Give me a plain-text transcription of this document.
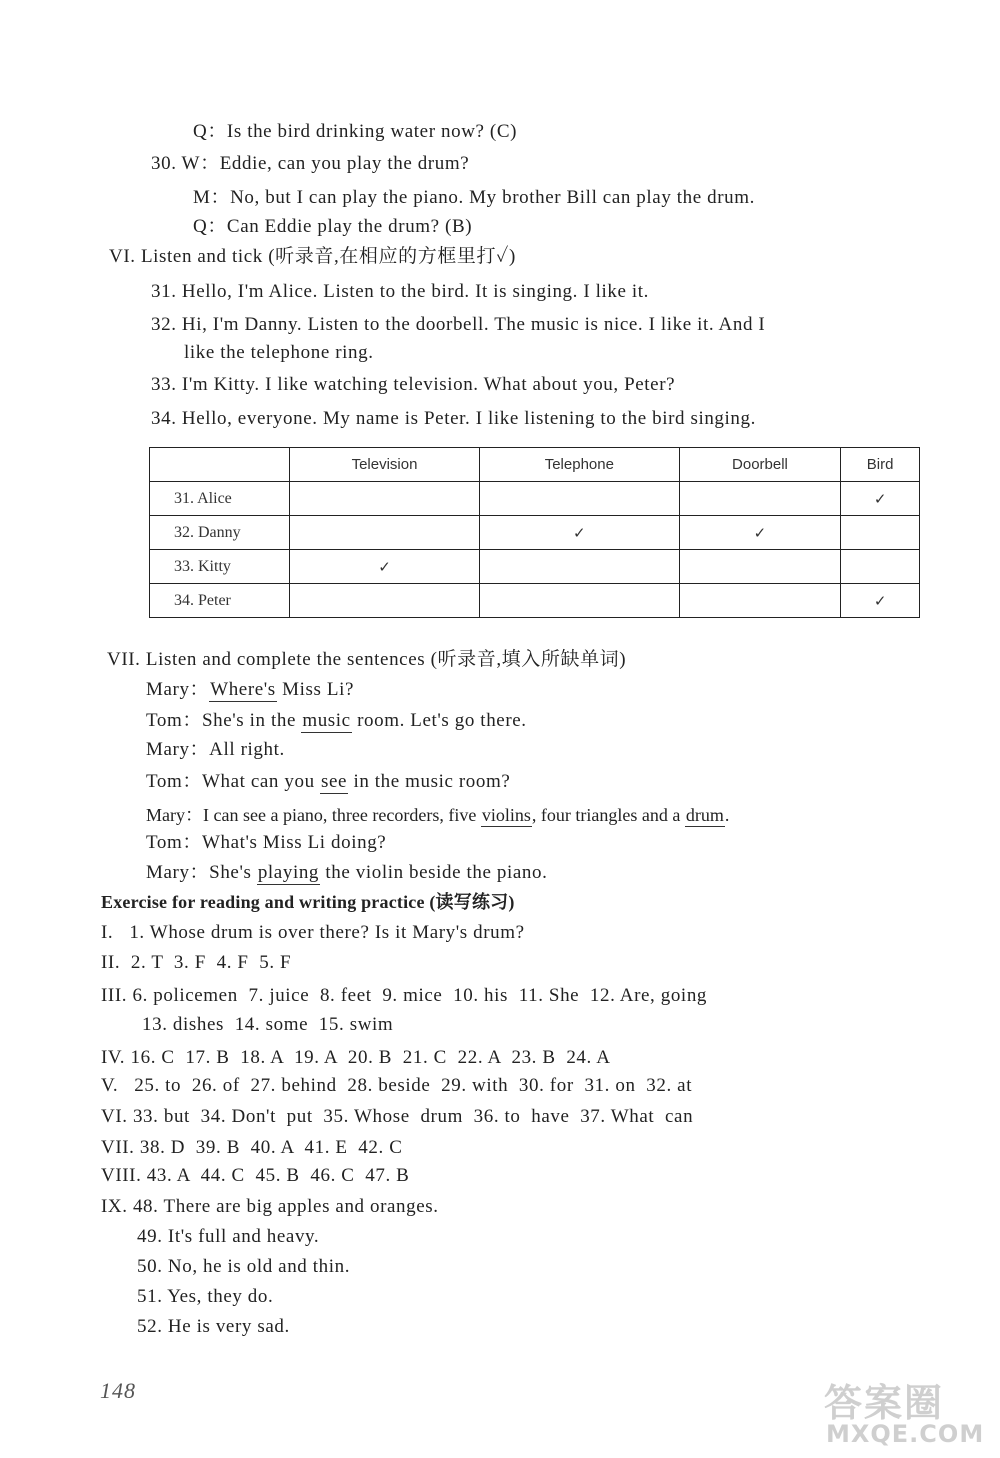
Q：Is the bird drinking water now? (C)
30. W：Eddie, can you play the drum?
M：No, but I can play the piano. My brother Bill can play the drum.
Q：Can Eddie play the drum? (B)
VI. Listen and tick (听录音,在相应的方框里打✓)
31. Hello, I'm Alice. Listen to the bird. It is singing. I like it.
32. Hi, I'm Danny. Listen to the doorbell. The music is nice. I like it. And I
like the telephone ring.
33. I'm Kitty. I like watching television. What about you, Peter?
34. Hello, everyone. My name is Peter. I like listening to the bird singing.
	Television	Telephone	Doorbell	Bird
31. Alice				✓
32. Danny		✓	✓	
33. Kitty	✓			
34. Peter				✓
VII. Listen and complete the sentences (听录音,填入所缺单词)
Mary：Where's Miss Li?
Tom：She's in the music room. Let's go there.
Mary：All right.
Tom：What can you see in the music room?
Mary：I can see a piano, three recorders, five violins, four triangles and a drum.
Tom：What's Miss Li doing?
Mary：She's playing the violin beside the piano.
Exercise for reading and writing practice (读写练习)
I.   1. Whose drum is over there? Is it Mary's drum?
II.  2. T  3. F  4. F  5. F
III. 6. policemen  7. juice  8. feet  9. mice  10. his  11. She  12. Are, going
13. dishes  14. some  15. swim
IV. 16. C  17. B  18. A  19. A  20. B  21. C  22. A  23. B  24. A
V.   25. to  26. of  27. behind  28. beside  29. with  30. for  31. on  32. at
VI. 33. but  34. Don't  put  35. Whose  drum  36. to  have  37. What  can
VII. 38. D  39. B  40. A  41. E  42. C
VIII. 43. A  44. C  45. B  46. C  47. B
IX. 48. There are big apples and oranges.
49. It's full and heavy.
50. No, he is old and thin.
51. Yes, they do.
52. He is very sad.
148	答案圈
MXQE.COM
